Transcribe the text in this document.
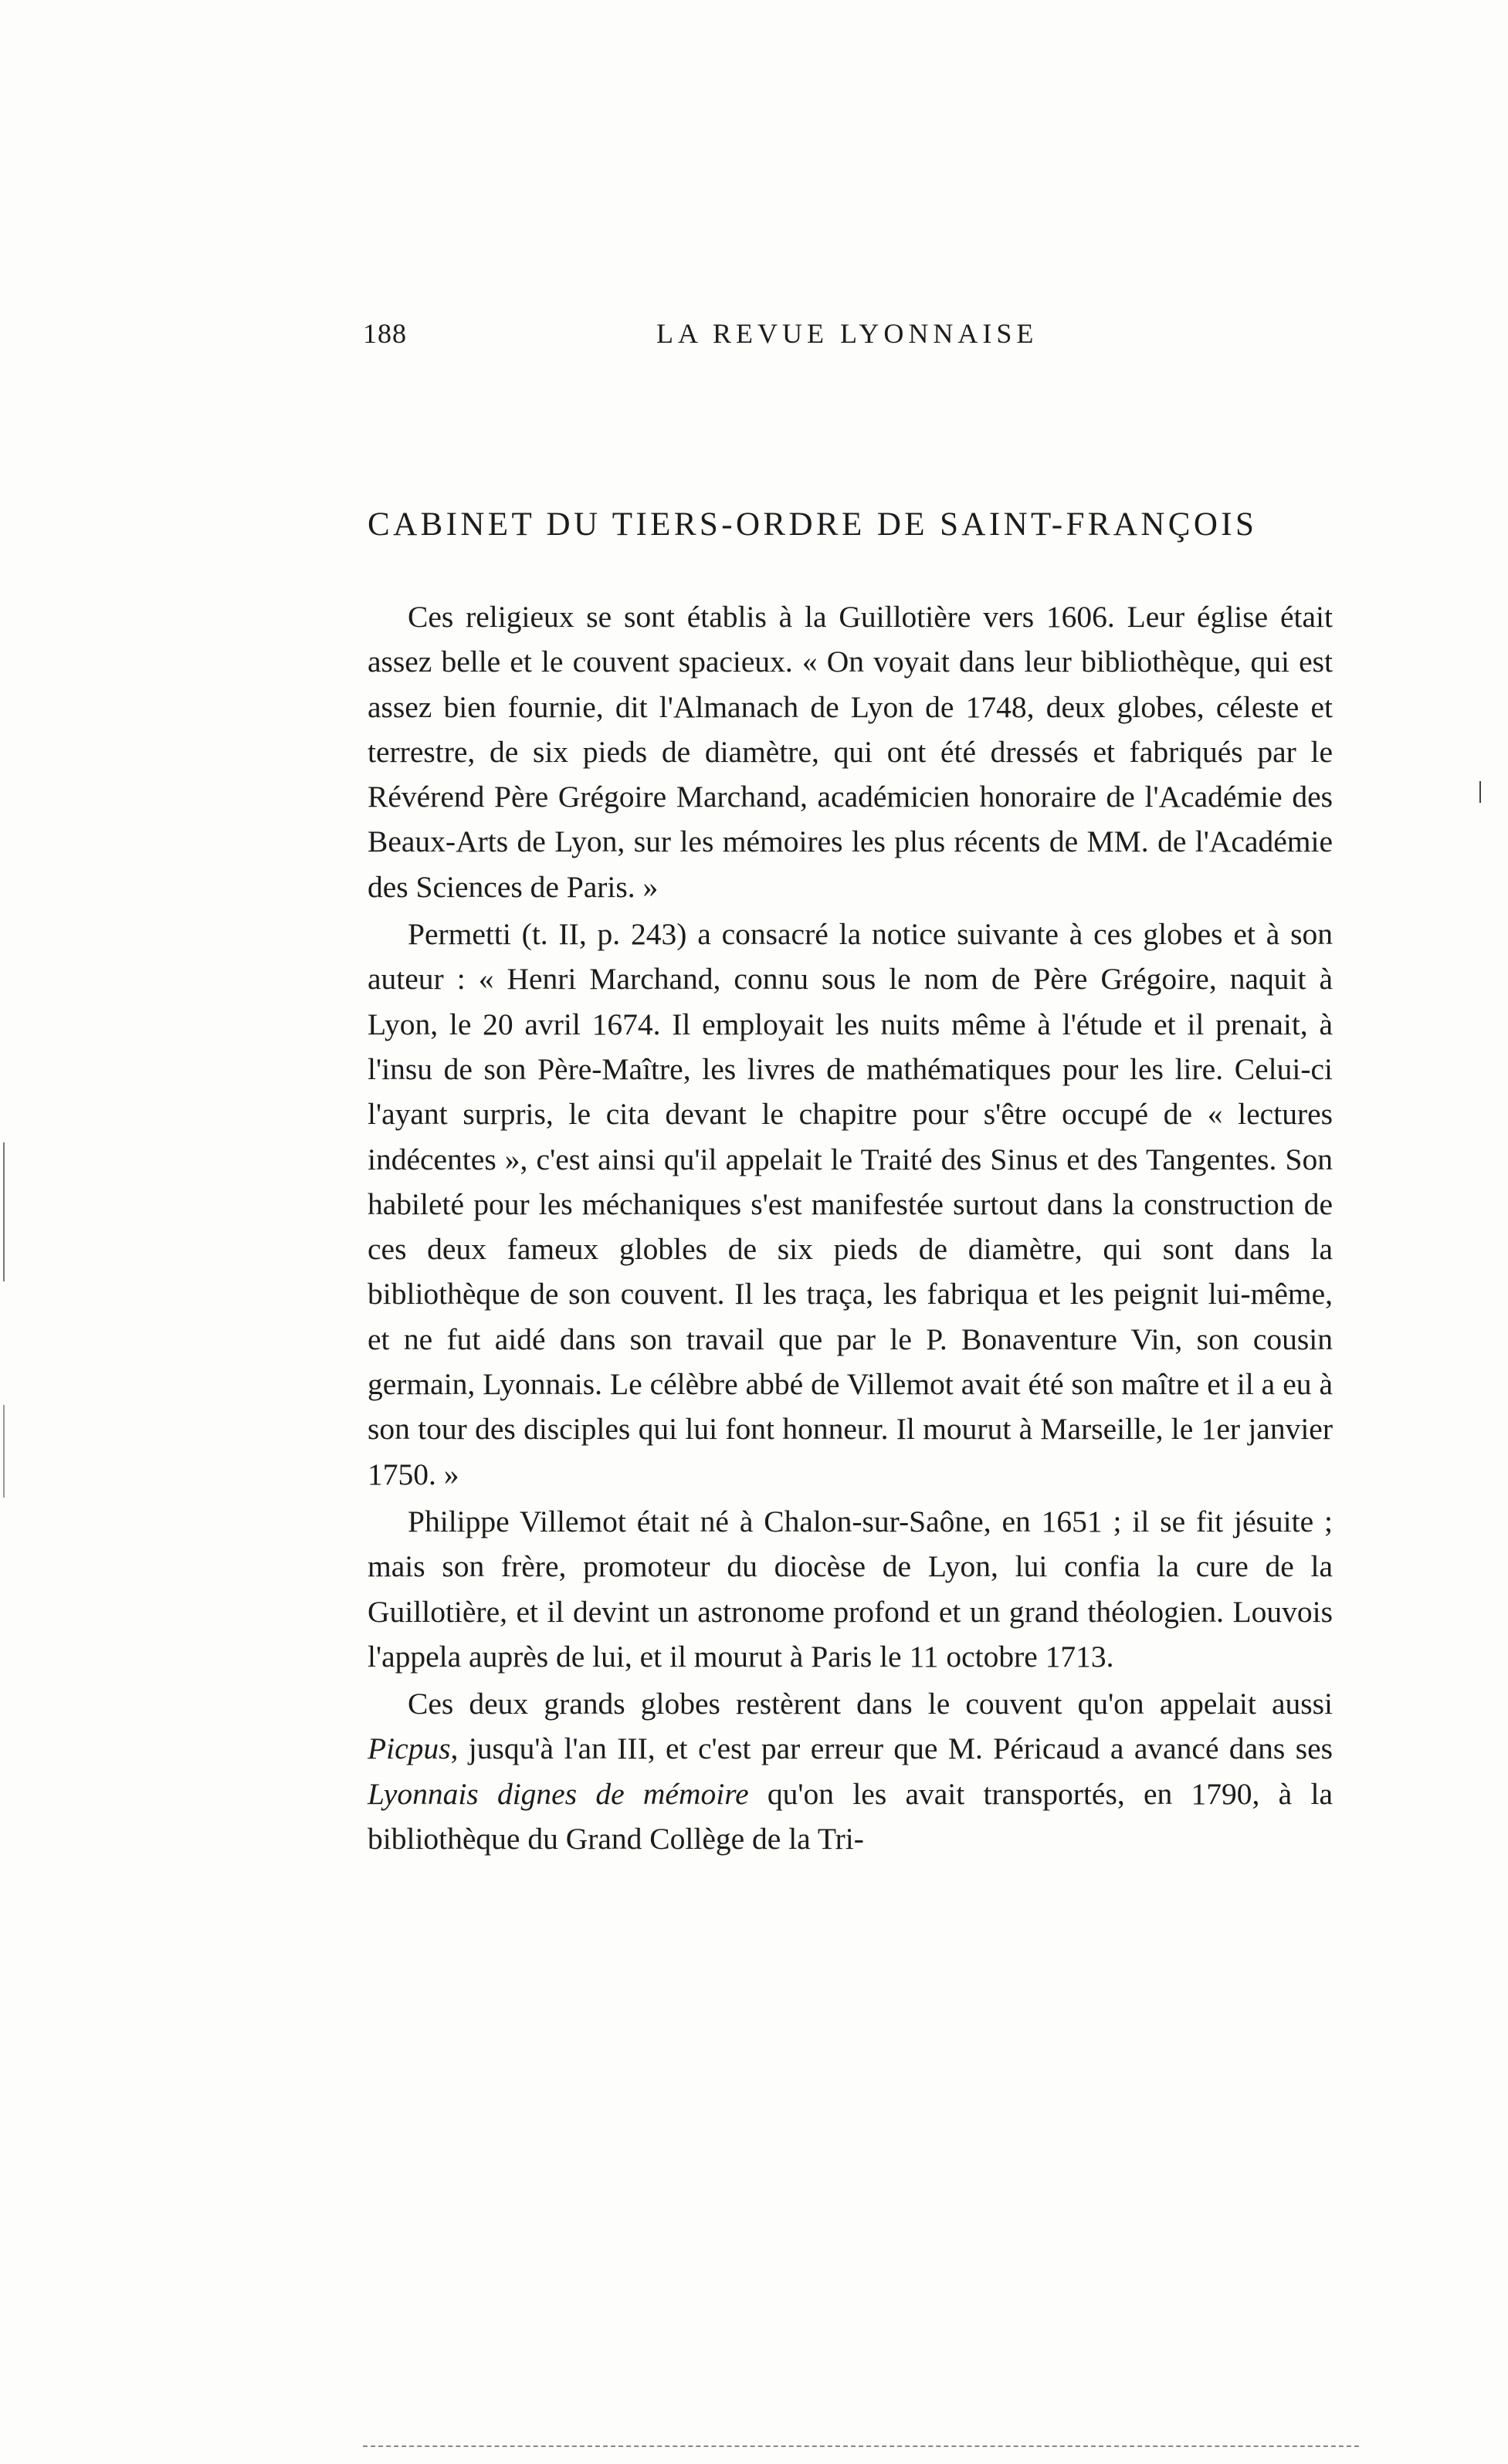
188	LA REVUE LYONNAISE
CABINET DU TIERS-ORDRE DE SAINT-FRANÇOIS

Ces religieux se sont établis à la Guillotière vers 1606. Leur église était assez belle et le couvent spacieux. « On voyait dans leur bibliothèque, qui est assez bien fournie, dit l'Almanach de Lyon de 1748, deux globes, céleste et terrestre, de six pieds de diamètre, qui ont été dressés et fabriqués par le Révérend Père Grégoire Marchand, académicien honoraire de l'Académie des Beaux-Arts de Lyon, sur les mémoires les plus récents de MM. de l'Académie des Sciences de Paris. »

Permetti (t. II, p. 243) a consacré la notice suivante à ces globes et à son auteur : « Henri Marchand, connu sous le nom de Père Grégoire, naquit à Lyon, le 20 avril 1674. Il employait les nuits même à l'étude et il prenait, à l'insu de son Père-Maître, les livres de mathématiques pour les lire. Celui-ci l'ayant surpris, le cita devant le chapitre pour s'être occupé de « lectures indécentes », c'est ainsi qu'il appelait le Traité des Sinus et des Tangentes. Son habileté pour les méchaniques s'est manifestée surtout dans la construction de ces deux fameux globles de six pieds de diamètre, qui sont dans la bibliothèque de son couvent. Il les traça, les fabriqua et les peignit lui-même, et ne fut aidé dans son travail que par le P. Bonaventure Vin, son cousin germain, Lyonnais. Le célèbre abbé de Villemot avait été son maître et il a eu à son tour des disciples qui lui font honneur. Il mourut à Marseille, le 1er janvier 1750. »

Philippe Villemot était né à Chalon-sur-Saône, en 1651 ; il se fit jésuite ; mais son frère, promoteur du diocèse de Lyon, lui confia la cure de la Guillotière, et il devint un astronome profond et un grand théologien. Louvois l'appela auprès de lui, et il mourut à Paris le 11 octobre 1713.

Ces deux grands globes restèrent dans le couvent qu'on appelait aussi Picpus, jusqu'à l'an III, et c'est par erreur que M. Péricaud a avancé dans ses Lyonnais dignes de mémoire qu'on les avait transportés, en 1790, à la bibliothèque du Grand Collège de la Tri-
